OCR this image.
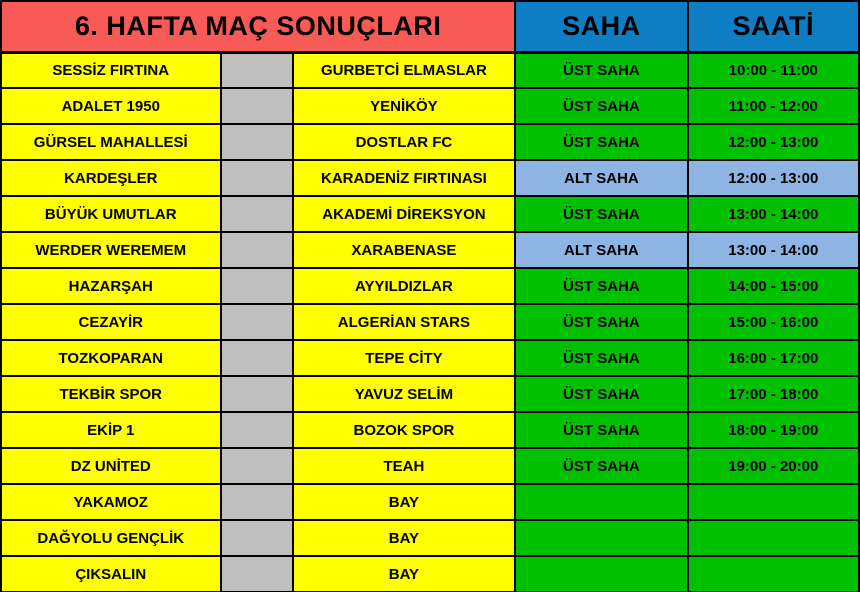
6. HAFTA MAÇ SONUÇLARI			SAHA	SAATİ
SESSİZ FIRTINA		GURBETCİ ELMASLAR	ÜST SAHA	10:00 - 11:00
ADALET 1950		YENİKÖY	ÜST SAHA	11:00 - 12:00
GÜRSEL MAHALLESİ		DOSTLAR FC	ÜST SAHA	12:00 - 13:00
KARDEŞLER		KARADENİZ FIRTINASI	ALT SAHA	12:00 - 13:00
BÜYÜK UMUTLAR		AKADEMİ DİREKSYON	ÜST SAHA	13:00 - 14:00
WERDER WEREMEM		XARABENASE	ALT SAHA	13:00 - 14:00
HAZARŞAH		AYYILDIZLAR	ÜST SAHA	14:00 - 15:00
CEZAYİR		ALGERİAN STARS	ÜST SAHA	15:00 - 16:00
TOZKOPARAN		TEPE CİTY	ÜST SAHA	16:00 - 17:00
TEKBİR SPOR		YAVUZ SELİM	ÜST SAHA	17:00 - 18:00
EKİP 1		BOZOK SPOR	ÜST SAHA	18:00 - 19:00
DZ UNİTED		TEAH	ÜST SAHA	19:00 - 20:00
YAKAMOZ		BAY		
DAĞYOLU GENÇLİK		BAY		
ÇIKSALIN		BAY		
